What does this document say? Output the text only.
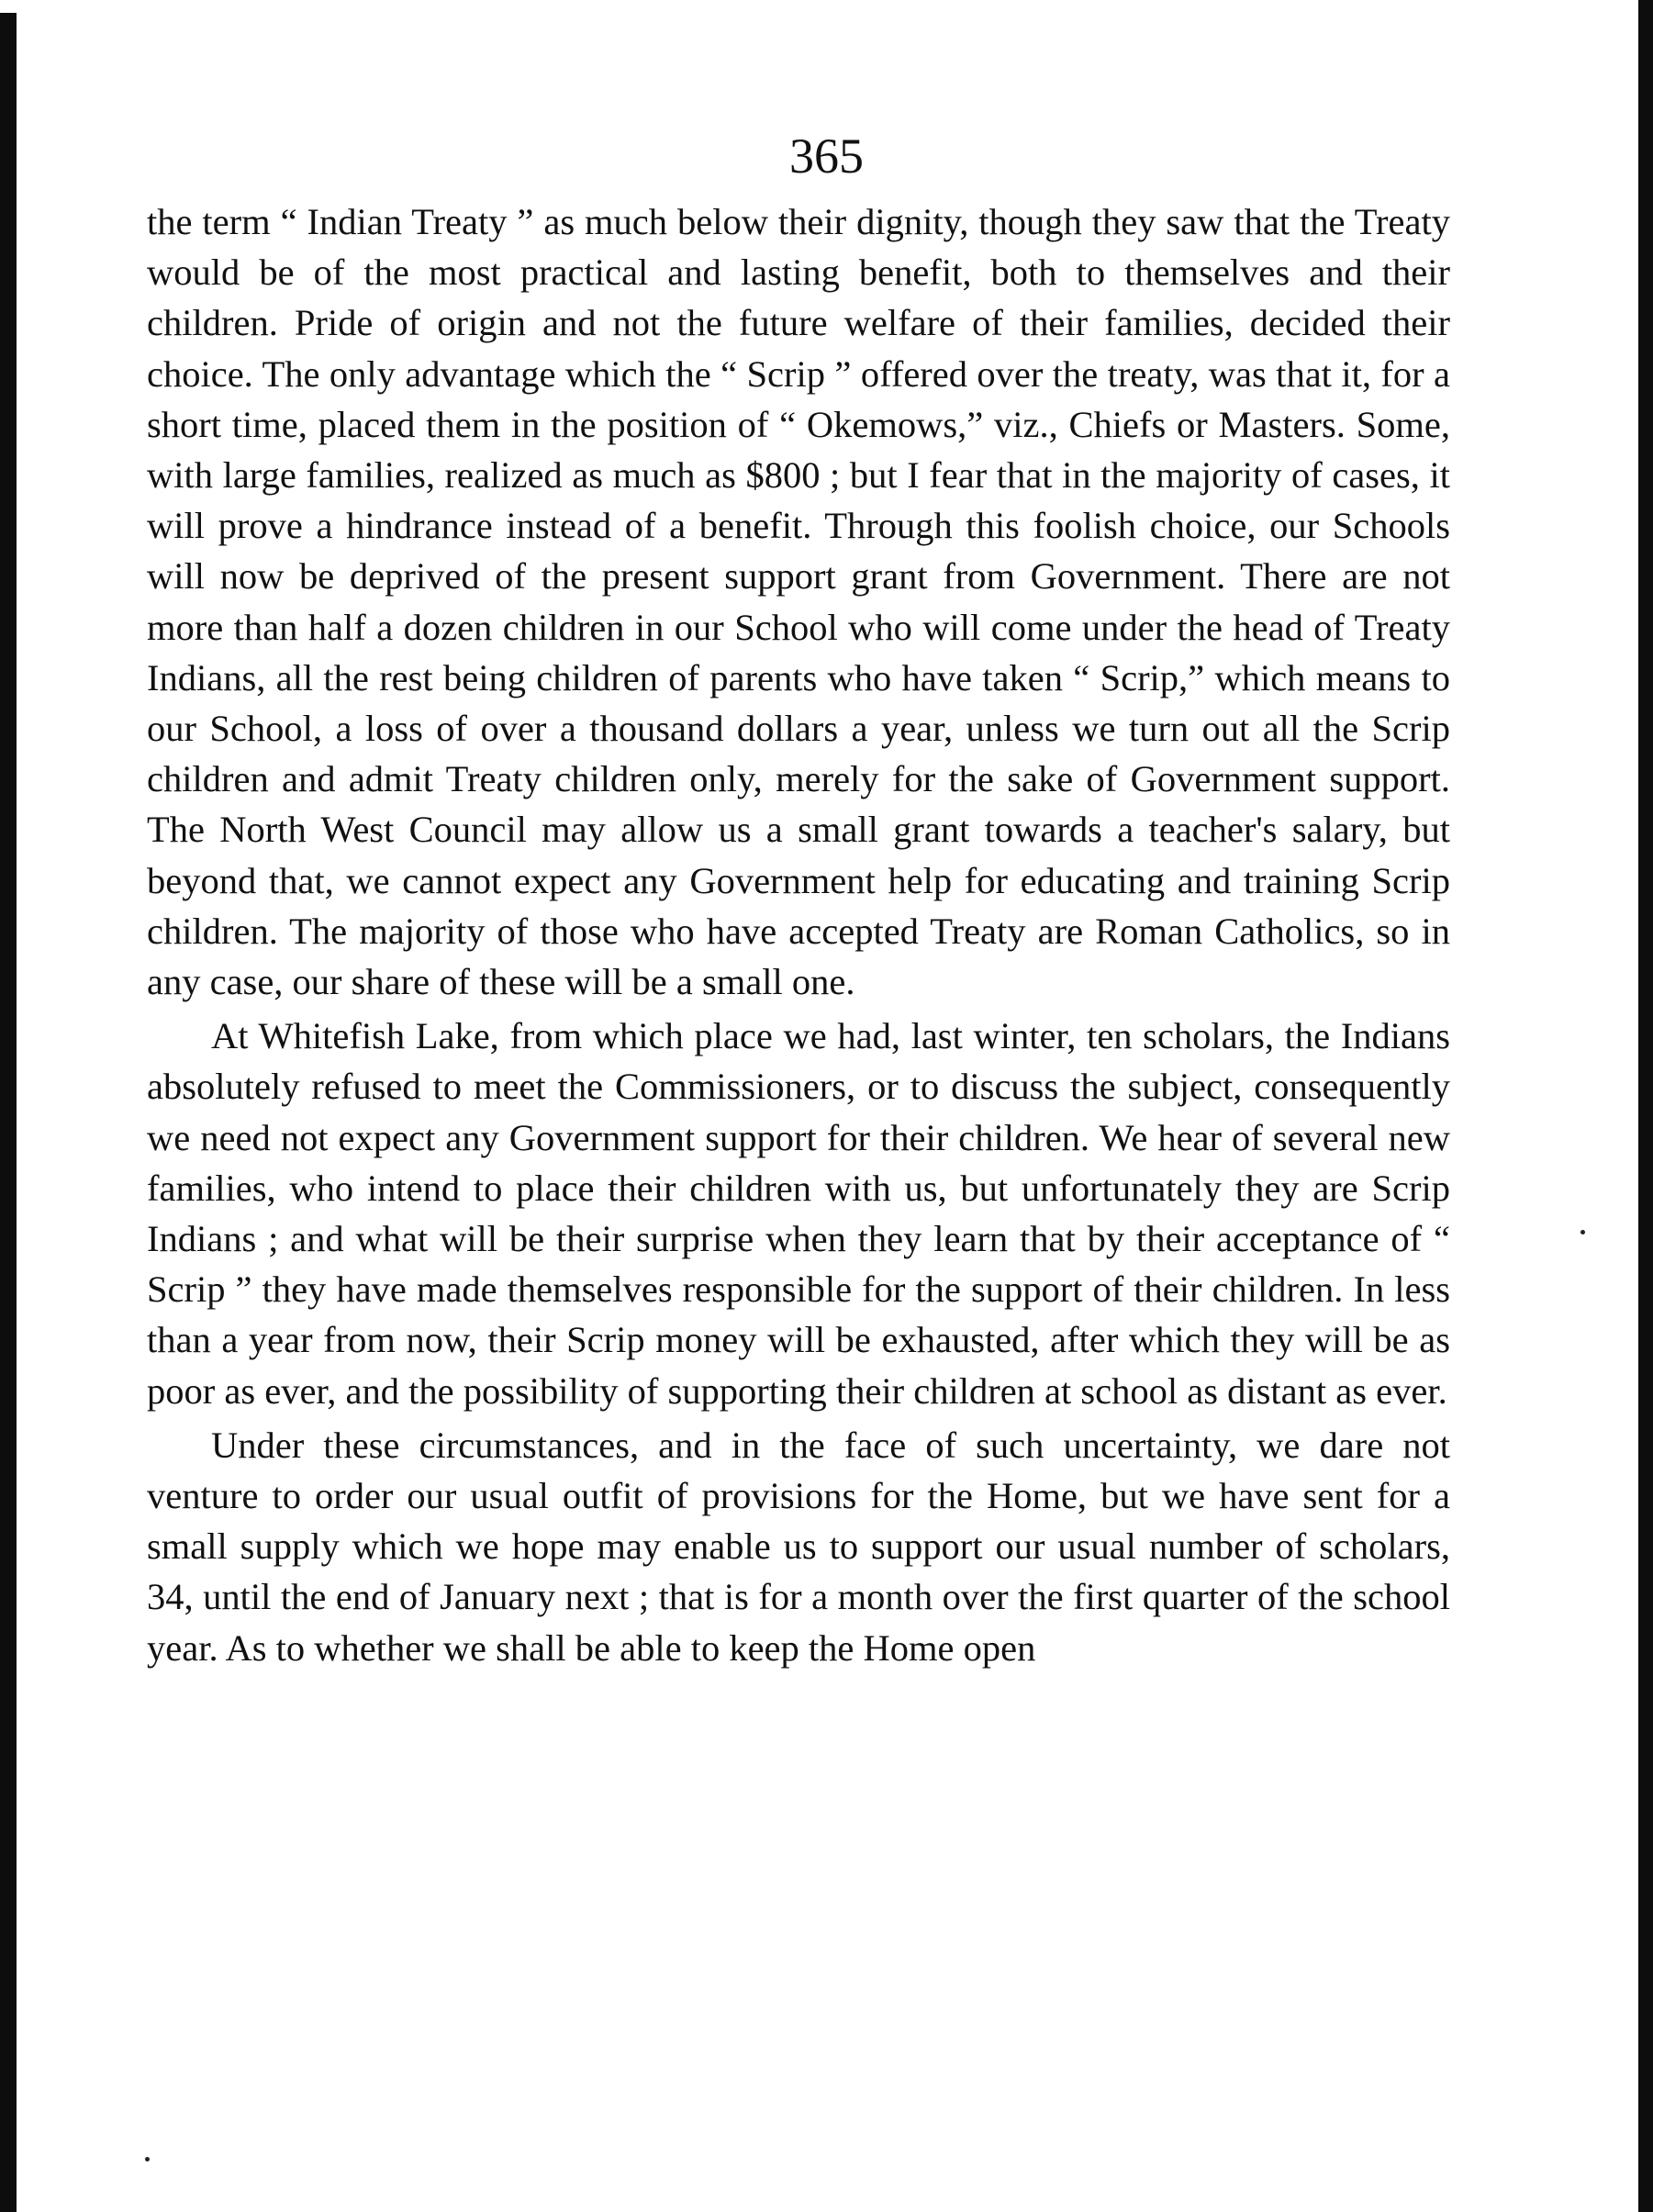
365

the term “ Indian Treaty ” as much below their dignity, though they saw that the Treaty would be of the most practical and lasting benefit, both to themselves and their children. Pride of origin and not the future welfare of their families, decided their choice. The only advantage which the “ Scrip ” offered over the treaty, was that it, for a short time, placed them in the position of “ Okemows,” viz., Chiefs or Masters. Some, with large families, realized as much as $800 ; but I fear that in the majority of cases, it will prove a hindrance instead of a benefit. Through this foolish choice, our Schools will now be deprived of the present support grant from Government. There are not more than half a dozen children in our School who will come under the head of Treaty Indians, all the rest being children of parents who have taken “ Scrip,” which means to our School, a loss of over a thousand dollars a year, unless we turn out all the Scrip children and admit Treaty children only, merely for the sake of Government support. The North West Council may allow us a small grant towards a teacher's salary, but beyond that, we cannot expect any Government help for educating and training Scrip children. The majority of those who have accepted Treaty are Roman Catholics, so in any case, our share of these will be a small one.

At Whitefish Lake, from which place we had, last winter, ten scholars, the Indians absolutely refused to meet the Commissioners, or to discuss the subject, consequently we need not expect any Government support for their children. We hear of several new families, who intend to place their children with us, but unfortunately they are Scrip Indians ; and what will be their surprise when they learn that by their acceptance of “ Scrip ” they have made themselves responsible for the support of their children. In less than a year from now, their Scrip money will be exhausted, after which they will be as poor as ever, and the possibility of supporting their children at school as distant as ever.

Under these circumstances, and in the face of such uncertainty, we dare not venture to order our usual outfit of provisions for the Home, but we have sent for a small supply which we hope may enable us to support our usual number of scholars, 34, until the end of January next ; that is for a month over the first quarter of the school year. As to whether we shall be able to keep the Home open
